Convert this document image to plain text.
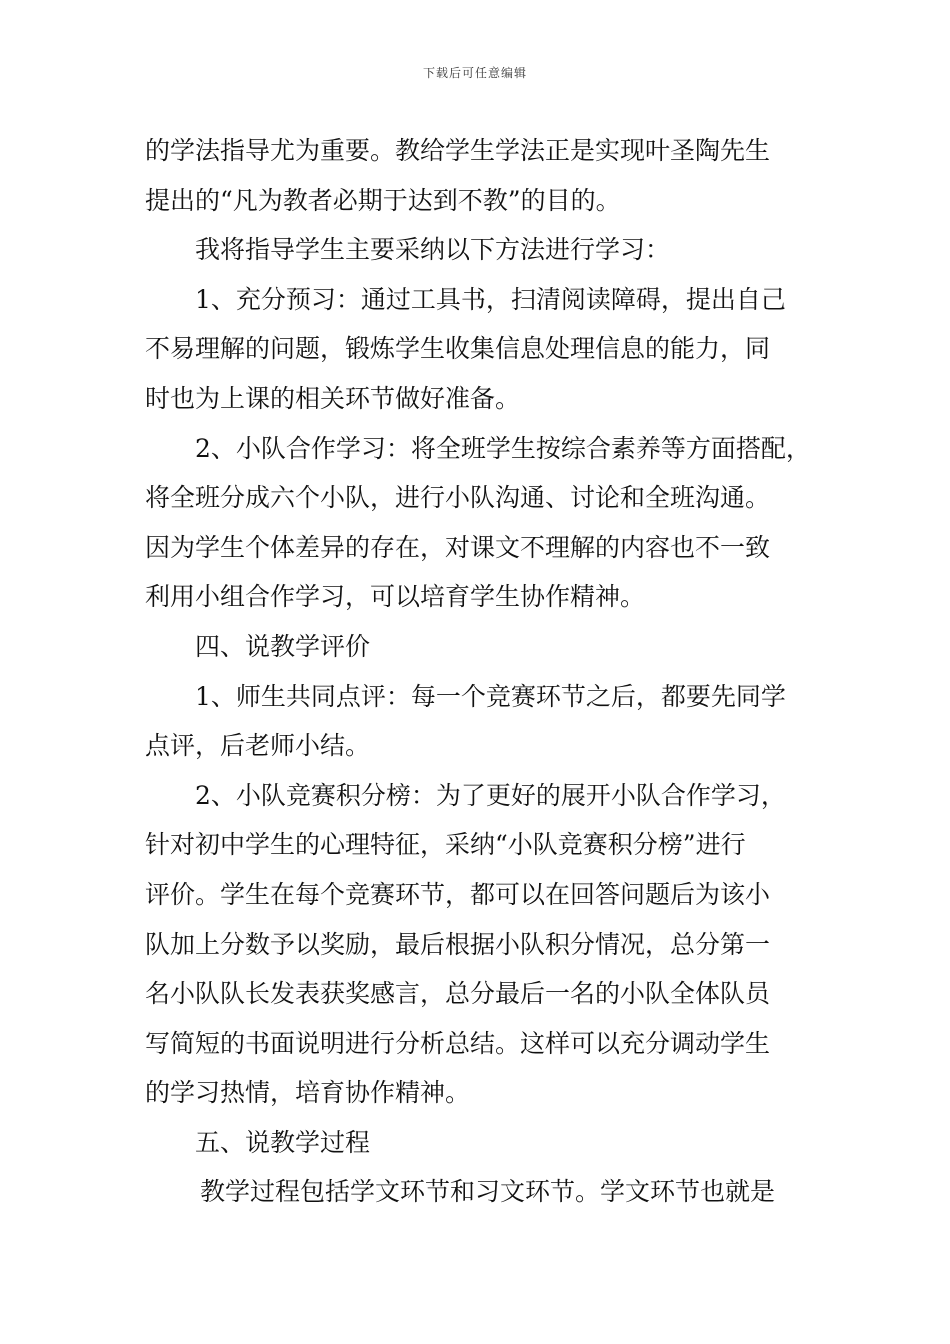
下载后可任意编辑
的学法指导尤为重要。教给学生学法正是实现叶圣陶先生
提出的“凡为教者必期于达到不教”的目的。
我将指导学生主要采纳以下方法进行学习：
1、充分预习：通过工具书，扫清阅读障碍，提出自己
不易理解的问题，锻炼学生收集信息处理信息的能力，同
时也为上课的相关环节做好准备。
2、小队合作学习：将全班学生按综合素养等方面搭配，
将全班分成六个小队，进行小队沟通、讨论和全班沟通。
因为学生个体差异的存在，对课文不理解的内容也不一致
利用小组合作学习，可以培育学生协作精神。
四、说教学评价
1、师生共同点评：每一个竞赛环节之后，都要先同学
点评，后老师小结。
2、小队竞赛积分榜：为了更好的展开小队合作学习，
针对初中学生的心理特征，采纳“小队竞赛积分榜”进行
评价。学生在每个竞赛环节，都可以在回答问题后为该小
队加上分数予以奖励，最后根据小队积分情况，总分第一
名小队队长发表获奖感言，总分最后一名的小队全体队员
写简短的书面说明进行分析总结。这样可以充分调动学生
的学习热情，培育协作精神。
五、说教学过程
教学过程包括学文环节和习文环节。学文环节也就是
